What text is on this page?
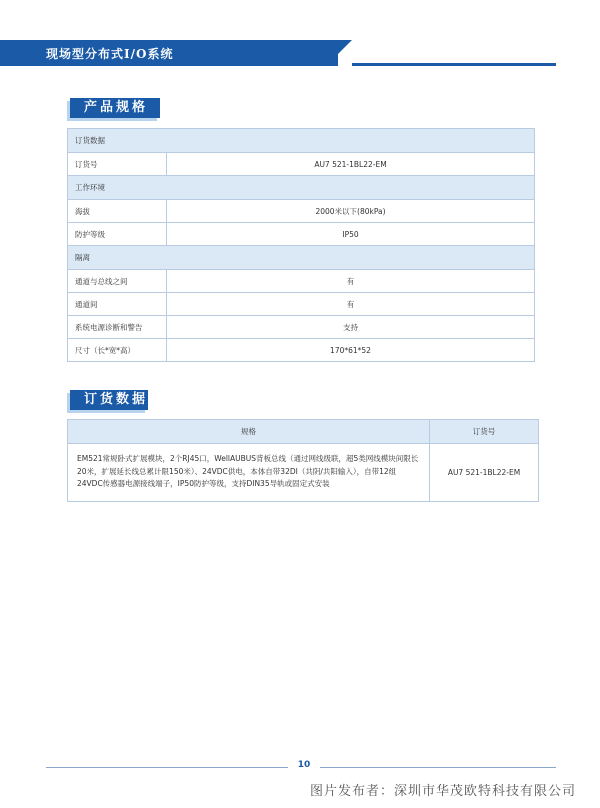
现场型分布式I/O系统
产品规格
订货数据	
订货号	AU7 521-1BL22-EM
工作环境	
海拔	2000米以下(80kPa)
防护等级	IP50
隔离	
通道与总线之间	有
通道间	有
系统电源诊断和警告	支持
尺寸（长*宽*高）	170*61*52
订货数据
规格	订货号

EM521常规卧式扩展模块，2个RJ45口，WellAUBUS背板总线（通过网线级联，超5类网线模块间限长
20米，扩展延长线总累计限150米）、24VDC供电，本体自带32DI（共阴/共阳输入），自带12组
24VDC传感器电源接线端子，IP50防护等级，支持DIN35导轨或固定式安装	AU7 521-1BL22-EM
10
图片发布者：深圳市华茂欧特科技有限公司
